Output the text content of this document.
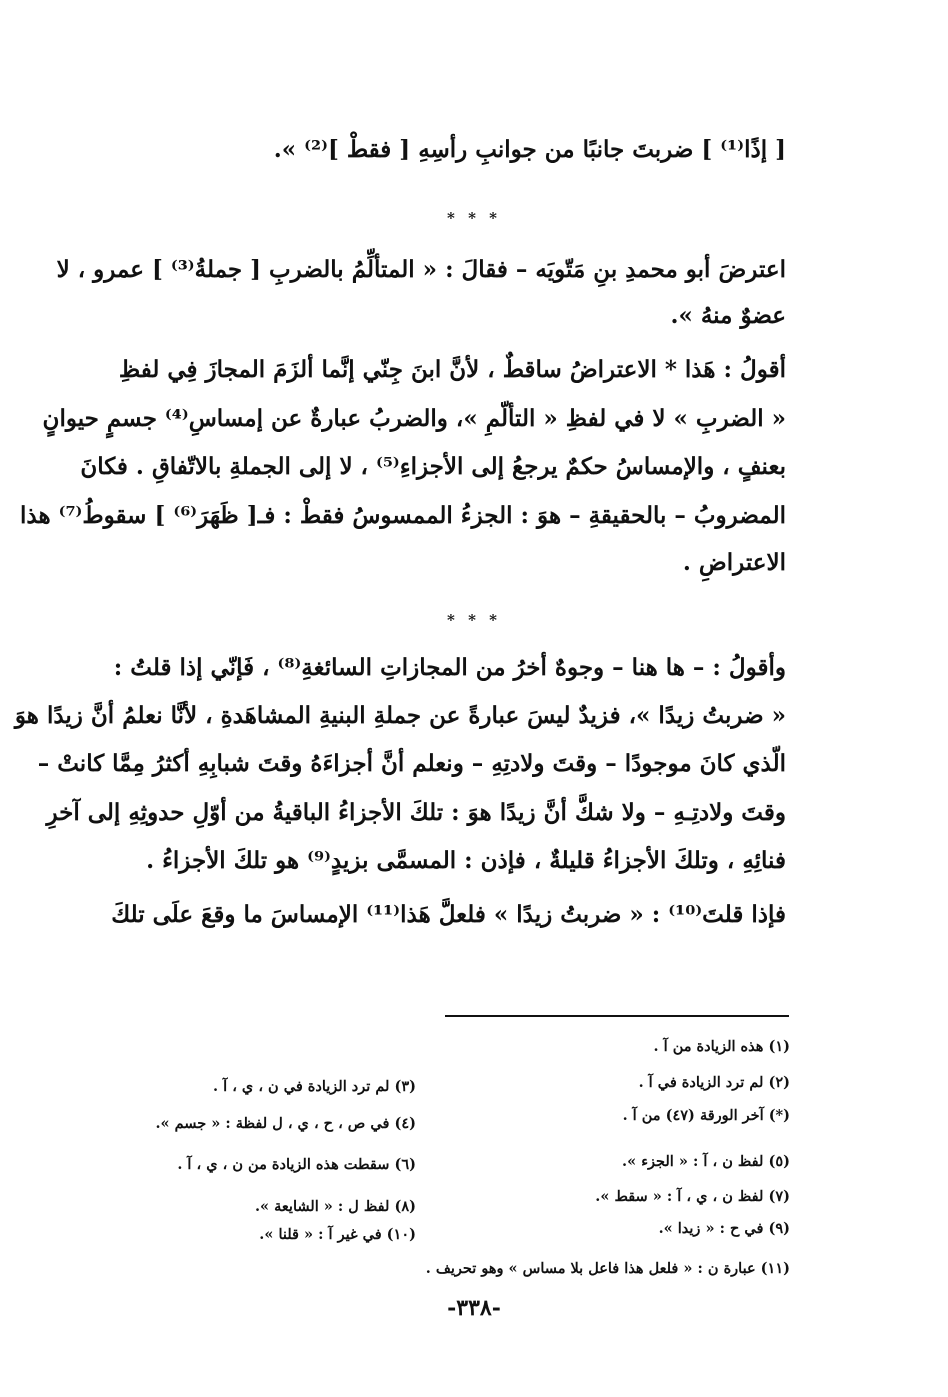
[ إذًا⁽¹⁾ ] ضربتَ جانبًا من جوانبِ رأسِهِ [ فقطْ ]⁽²⁾ ».
* * *
اعترضَ أبو محمدِ بنِ مَتّويَه – فقالَ : « المتألِّمُ بالضربِ [ جملةُ⁽³⁾ ] عمرو ، لا
عضوٌ منهُ ».
أقولُ : هَذا * الاعتراضُ ساقطٌ ، لأنَّ ابنَ جِنّي إنَّما ألزَمَ المجازَ فِي لفظِ
« الضربِ » لا في لفظِ « التألّمِ »، والضربُ عبارةٌ عن إمساسِ⁽⁴⁾ جسمٍ حيوانٍ
بعنفٍ ، والإمساسُ حكمٌ يرجعُ إلى الأجزاءِ⁽⁵⁾ ، لا إلى الجملةِ بالاتّفاقِ . فكانَ
المضروبُ – بالحقيقةِ – هوَ : الجزءُ الممسوسُ فقطْ : فـ[ ظَهَرَ⁽⁶⁾ ] سقوطُ⁽⁷⁾ هذا
الاعتراضِ .
* * *
وأقولُ : – ها هنا – وجوهٌ أخرُ من المجازاتِ السائغةِ⁽⁸⁾ ، فَإنّي إذا قلتُ :
« ضربتُ زيدًا »، فزيدٌ ليسَ عبارةً عن جملةِ البنيةِ المشاهَدةِ ، لأنَّا نعلمُ أنَّ زيدًا هوَ
الّذي كانَ موجودًا – وقتَ ولادتِهِ – ونعلم أنَّ أجزاءَهُ وقتَ شبابِهِ أكثرُ مِمَّا كانتْ –
وقتَ ولادتِـهِ – ولا شكَّ أنَّ زيدًا هوَ : تلكَ الأجزاءُ الباقيةُ من أوّلِ حدوثِهِ إلى آخرِ
فنائِهِ ، وتلكَ الأجزاءُ قليلةٌ ، فإذن : المسمَّى بزيدٍ⁽⁹⁾ هو تلكَ الأجزاءُ .
فإذا قلتَ⁽¹⁰⁾ : « ضربتُ زيدًا » فلعلَّ هَذا⁽¹¹⁾ الإمساسَ ما وقعَ علَى تلكَ
(١) هذه الزيادة من آ .
(٢) لم ترد الزيادة في آ .
(٣) لم ترد الزيادة في ن ، ي ، آ .
(٤) في ص ، ح ، ي ، ل لفظة : « جسم ».	(*) آخر الورقة (٤٧) من آ .
(٥) لفظ ن ، آ : « الجزء ».
(٦) سقطت هذه الزيادة من ن ، ي ، آ .
(٧) لفظ ن ، ي ، آ : « سقط ».
(٨) لفظ ل : « الشايعة ».
(٩) في ح : « زيدا ».
(١٠) في غير آ : « قلنا ».
(١١) عبارة ن : « فلعل هذا فاعل بلا مساس » وهو تحريف .
-٣٣٨-
